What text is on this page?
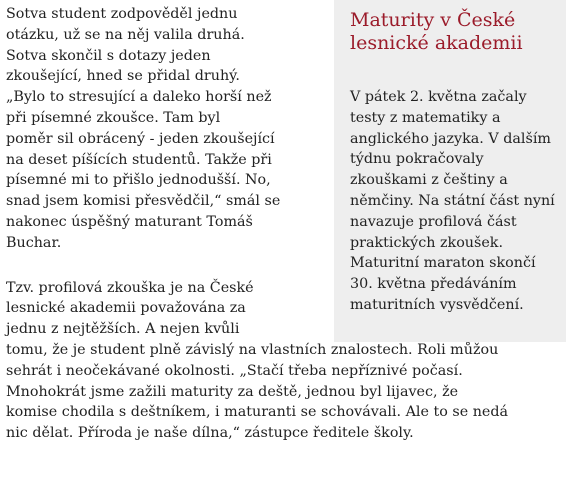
Sotva student zodpověděl jednu
otázku, už se na něj valila druhá.
Sotva skončil s dotazy jeden
zkoušející, hned se přidal druhý.
„Bylo to stresující a daleko horší než
při písemné zkoušce. Tam byl
poměr sil obrácený - jeden zkoušející
na deset píšících studentů. Takže při
písemné mi to přišlo jednodušší. No,
snad jsem komisi přesvědčil,“ smál se
nakonec úspěšný maturant Tomáš
Buchar.

Tzv. profilová zkouška je na České
lesnické akademii považována za
jednu z nejtěžších. A nejen kvůli
tomu, že je student plně závislý na vlastních znalostech. Roli můžou
sehrát i neočekávané okolnosti. „Stačí třeba nepříznivé počasí.
Mnohokrát jsme zažili maturity za deště, jednou byl lijavec, že
komise chodila s deštníkem, i maturanti se schovávali. Ale to se nedá
nic dělat. Příroda je naše dílna,“ zástupce ředitele školy.

Maturity v České
lesnické akademii
V pátek 2. května začaly
testy z matematiky a
anglického jazyka. V dalším
týdnu pokračovaly
zkouškami z češtiny a
němčiny. Na státní část nyní
navazuje profilová část
praktických zkoušek.
Maturitní maraton skončí
30. května předáváním
maturitních vysvědčení.
